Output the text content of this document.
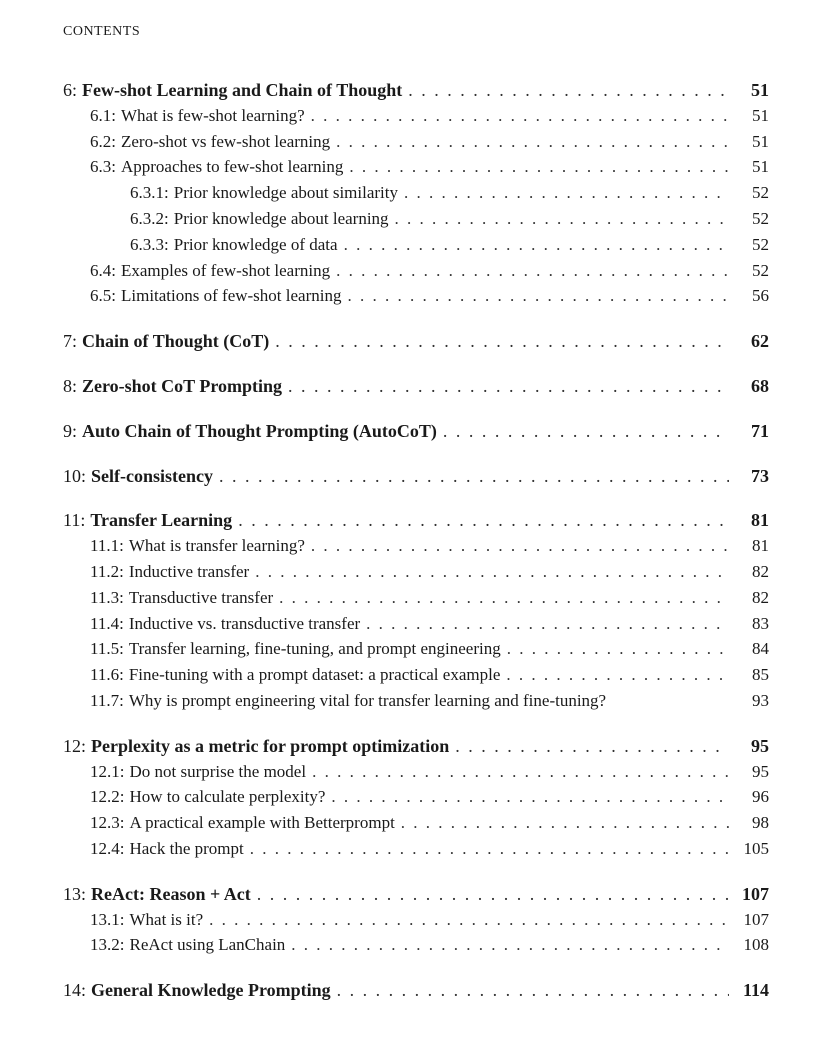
CONTENTS
6: Few-shot Learning and Chain of Thought . . .	51
6.1: What is few-shot learning? . . .	51
6.2: Zero-shot vs few-shot learning . . .	51
6.3: Approaches to few-shot learning . . .	51
6.3.1: Prior knowledge about similarity . . .	52
6.3.2: Prior knowledge about learning . . .	52
6.3.3: Prior knowledge of data . . .	52
6.4: Examples of few-shot learning . . .	52
6.5: Limitations of few-shot learning . . .	56
7: Chain of Thought (CoT) . . .	62
8: Zero-shot CoT Prompting . . .	68
9: Auto Chain of Thought Prompting (AutoCoT) . . .	71
10: Self-consistency . . .	73
11: Transfer Learning . . .	81
11.1: What is transfer learning? . . .	81
11.2: Inductive transfer . . .	82
11.3: Transductive transfer . . .	82
11.4: Inductive vs. transductive transfer . . .	83
11.5: Transfer learning, fine-tuning, and prompt engineering . . .	84
11.6: Fine-tuning with a prompt dataset: a practical example . . .	85
11.7: Why is prompt engineering vital for transfer learning and fine-tuning?	93
12: Perplexity as a metric for prompt optimization . . .	95
12.1: Do not surprise the model . . .	95
12.2: How to calculate perplexity? . . .	96
12.3: A practical example with Betterprompt . . .	98
12.4: Hack the prompt . . .	105
13: ReAct: Reason + Act . . .	107
13.1: What is it? . . .	107
13.2: ReAct using LanChain . . .	108
14: General Knowledge Prompting . . .	114
